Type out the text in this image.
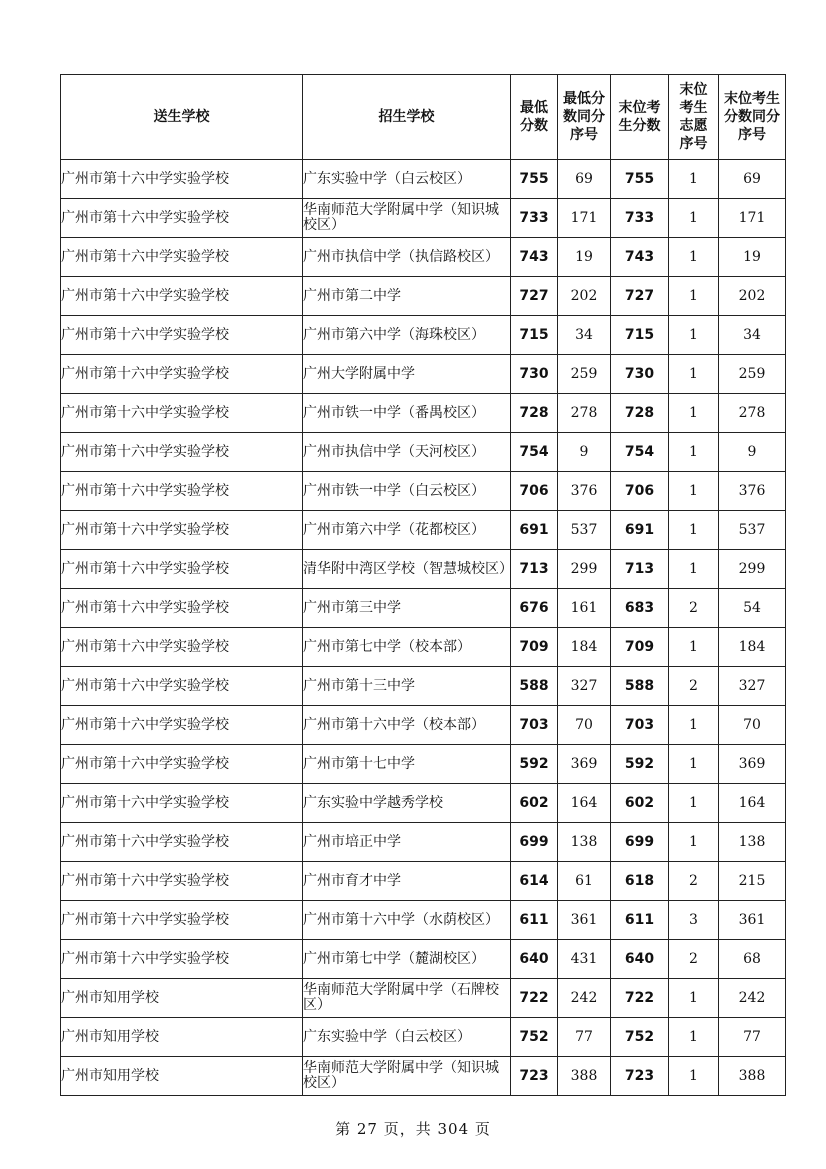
送生学校	招生学校	最低分数	最低分数同分序号	末位考生分数	末位考生志愿序号	末位考生分数同分序号
广州市第十六中学实验学校	广东实验中学（白云校区）	755	69	755	1	69
广州市第十六中学实验学校	华南师范大学附属中学（知识城校区）	733	171	733	1	171
广州市第十六中学实验学校	广州市执信中学（执信路校区）	743	19	743	1	19
广州市第十六中学实验学校	广州市第二中学	727	202	727	1	202
广州市第十六中学实验学校	广州市第六中学（海珠校区）	715	34	715	1	34
广州市第十六中学实验学校	广州大学附属中学	730	259	730	1	259
广州市第十六中学实验学校	广州市铁一中学（番禺校区）	728	278	728	1	278
广州市第十六中学实验学校	广州市执信中学（天河校区）	754	9	754	1	9
广州市第十六中学实验学校	广州市铁一中学（白云校区）	706	376	706	1	376
广州市第十六中学实验学校	广州市第六中学（花都校区）	691	537	691	1	537
广州市第十六中学实验学校	清华附中湾区学校（智慧城校区）	713	299	713	1	299
广州市第十六中学实验学校	广州市第三中学	676	161	683	2	54
广州市第十六中学实验学校	广州市第七中学（校本部）	709	184	709	1	184
广州市第十六中学实验学校	广州市第十三中学	588	327	588	2	327
广州市第十六中学实验学校	广州市第十六中学（校本部）	703	70	703	1	70
广州市第十六中学实验学校	广州市第十七中学	592	369	592	1	369
广州市第十六中学实验学校	广东实验中学越秀学校	602	164	602	1	164
广州市第十六中学实验学校	广州市培正中学	699	138	699	1	138
广州市第十六中学实验学校	广州市育才中学	614	61	618	2	215
广州市第十六中学实验学校	广州市第十六中学（水荫校区）	611	361	611	3	361
广州市第十六中学实验学校	广州市第七中学（麓湖校区）	640	431	640	2	68
广州市知用学校	华南师范大学附属中学（石牌校区）	722	242	722	1	242
广州市知用学校	广东实验中学（白云校区）	752	77	752	1	77
广州市知用学校	华南师范大学附属中学（知识城校区）	723	388	723	1	388
第 27 页，共 304 页
